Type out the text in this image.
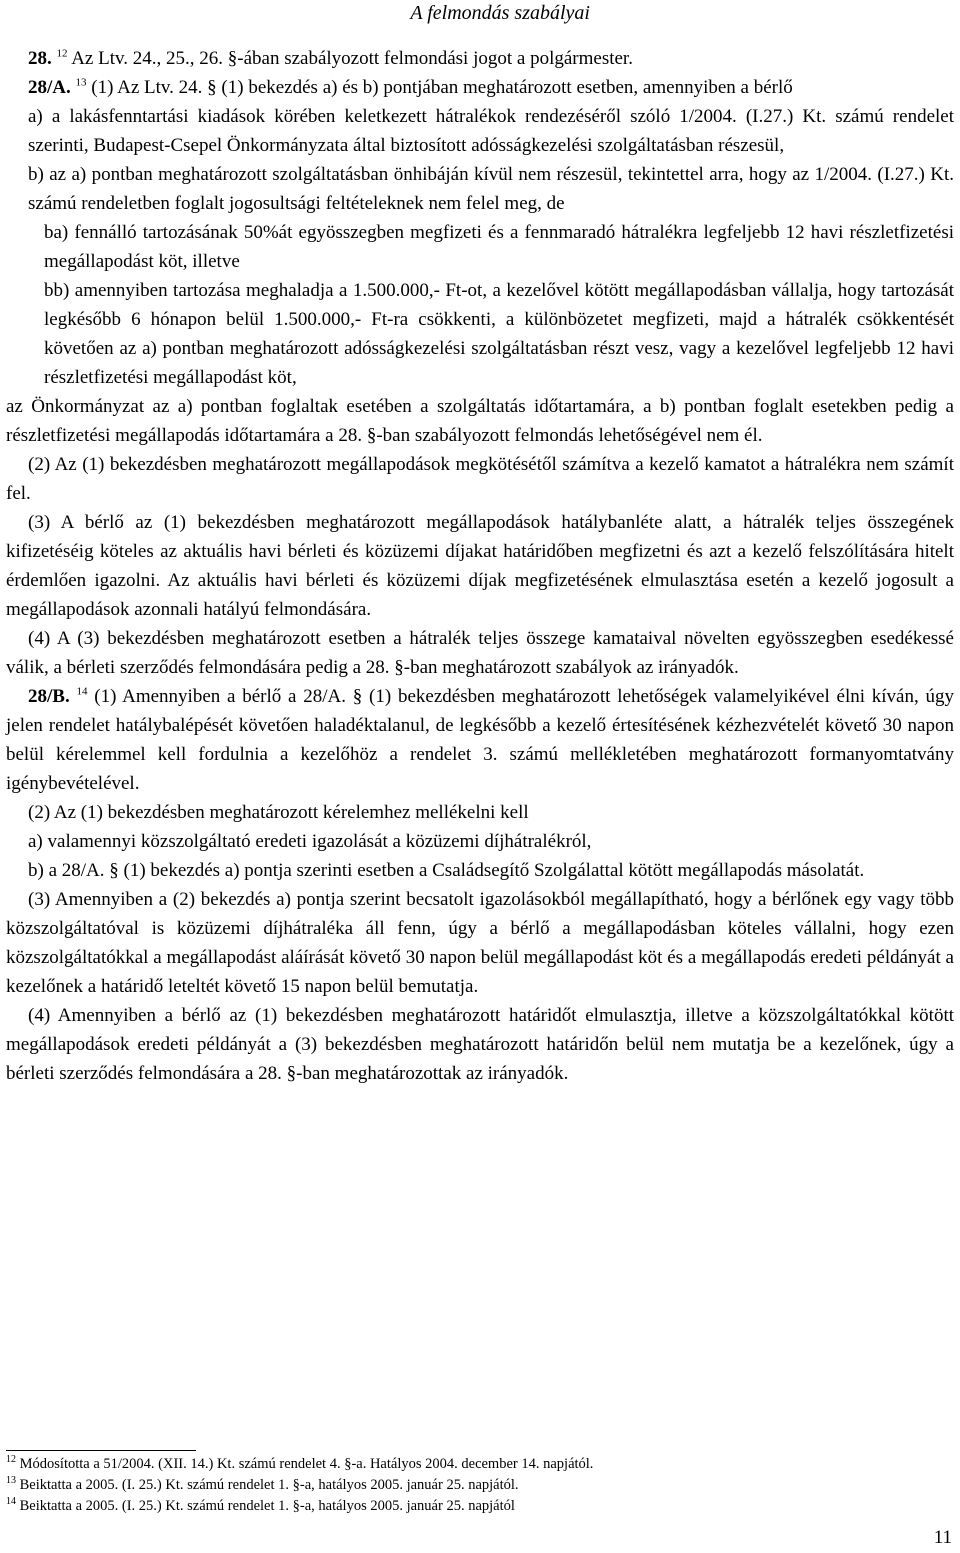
A felmondás szabályai

28. $^{12}$ Az Ltv. 24., 25., 26. §-ában szabályozott felmondási jogot a polgármester.

28/A. $^{13}$ (1) Az Ltv. 24. § (1) bekezdés a) és b) pontjában meghatározott esetben, amennyiben a bérlő

a) a lakásfenntartási kiadások körében keletkezett hátralékok rendezéséről szóló 1/2004. (I.27.) Kt. számú rendelet szerinti, Budapest-Csepel Önkormányzata által biztosított adósságkezelési szolgáltatásban részesül,

b) az a) pontban meghatározott szolgáltatásban önhibáján kívül nem részesül, tekintettel arra, hogy az 1/2004. (I.27.) Kt. számú rendeletben foglalt jogosultsági feltételeknek nem felel meg, de

ba) fennálló tartozásának 50%át egyösszegben megfizeti és a fennmaradó hátralékra legfeljebb 12 havi részletfizetési megállapodást köt, illetve

bb) amennyiben tartozása meghaladja a 1.500.000,- Ft-ot, a kezelővel kötött megállapodásban vállalja, hogy tartozását legkésőbb 6 hónapon belül 1.500.000,- Ft-ra csökkenti, a különbözetet megfizeti, majd a hátralék csökkentését követően az a) pontban meghatározott adósságkezelési szolgáltatásban részt vesz, vagy a kezelővel legfeljebb 12 havi részletfizetési megállapodást köt,

az Önkormányzat az a) pontban foglaltak esetében a szolgáltatás időtartamára, a b) pontban foglalt esetekben pedig a részletfizetési megállapodás időtartamára a 28. §-ban szabályozott felmondás lehetőségével nem él.

(2) Az (1) bekezdésben meghatározott megállapodások megkötésétől számítva a kezelő kamatot a hátralékra nem számít fel.

(3) A bérlő az (1) bekezdésben meghatározott megállapodások hatálybanléte alatt, a hátralék teljes összegének kifizetéséig köteles az aktuális havi bérleti és közüzemi díjakat határidőben megfizetni és azt a kezelő felszólítására hitelt érdemlően igazolni. Az aktuális havi bérleti és közüzemi díjak megfizetésének elmulasztása esetén a kezelő jogosult a megállapodások azonnali hatályú felmondására.

(4) A (3) bekezdésben meghatározott esetben a hátralék teljes összege kamataival növelten egyösszegben esedékessé válik, a bérleti szerződés felmondására pedig a 28. §-ban meghatározott szabályok az irányadók.

28/B. $^{14}$ (1) Amennyiben a bérlő a 28/A. § (1) bekezdésben meghatározott lehetőségek valamelyikével élni kíván, úgy jelen rendelet hatálybalépését követően haladéktalanul, de legkésőbb a kezelő értesítésének kézhezvételét követő 30 napon belül kérelemmel kell fordulnia a kezelőhöz a rendelet 3. számú mellékletében meghatározott formanyomtatvány igénybevételével.

(2) Az (1) bekezdésben meghatározott kérelemhez mellékelni kell

a) valamennyi közszolgáltató eredeti igazolását a közüzemi díjhátralékról,

b) a 28/A. § (1) bekezdés a) pontja szerinti esetben a Családsegítő Szolgálattal kötött megállapodás másolatát.

(3) Amennyiben a (2) bekezdés a) pontja szerint becsatolt igazolásokból megállapítható, hogy a bérlőnek egy vagy több közszolgáltatóval is közüzemi díjhátraléka áll fenn, úgy a bérlő a megállapodásban köteles vállalni, hogy ezen közszolgáltatókkal a megállapodást aláírását követő 30 napon belül megállapodást köt és a megállapodás eredeti példányát a kezelőnek a határidő leteltét követő 15 napon belül bemutatja.

(4) Amennyiben a bérlő az (1) bekezdésben meghatározott határidőt elmulasztja, illetve a közszolgáltatókkal kötött megállapodások eredeti példányát a (3) bekezdésben meghatározott határidőn belül nem mutatja be a kezelőnek, úgy a bérleti szerződés felmondására a 28. §-ban meghatározottak az irányadók.

$^{12}$ Módosította a 51/2004. (XII. 14.) Kt. számú rendelet 4. §-a. Hatályos 2004. december 14. napjától.
$^{13}$ Beiktatta a 2005. (I. 25.) Kt. számú rendelet 1. §-a, hatályos 2005. január 25. napjától.
$^{14}$ Beiktatta a 2005. (I. 25.) Kt. számú rendelet 1. §-a, hatályos 2005. január 25. napjától
11
